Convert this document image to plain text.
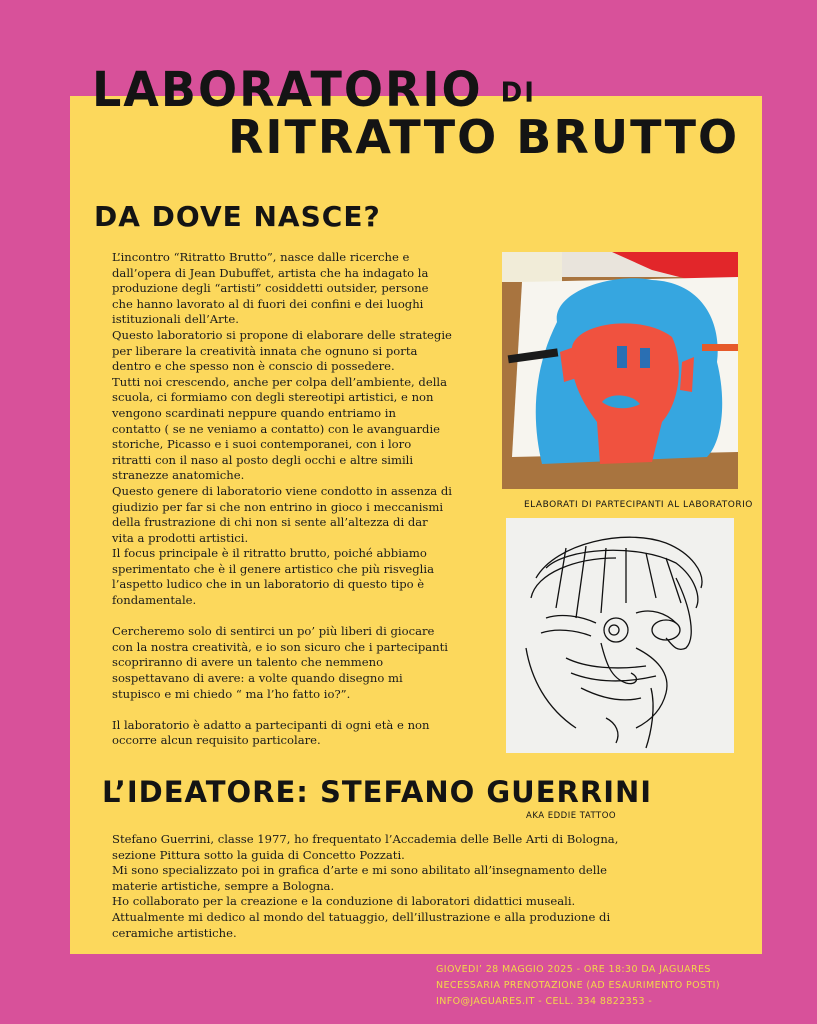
LABORATORIO DI
RITRATTO BRUTTO
DA DOVE NASCE?

L’incontro “Ritratto Brutto”, nasce dalle ricerche e
dall’opera di Jean Dubuffet, artista che ha indagato la
produzione degli “artisti” cosiddetti outsider, persone
che hanno lavorato al di fuori dei confini e dei luoghi
istituzionali dell’Arte.
Questo laboratorio si propone di elaborare delle strategie
per liberare la creatività innata che ognuno si porta
dentro e che spesso non è conscio di possedere.
Tutti noi crescendo, anche per colpa dell’ambiente, della
scuola, ci formiamo con degli stereotipi artistici, e non
vengono scardinati neppure quando entriamo in
contatto ( se ne veniamo a contatto) con le avanguardie
storiche, Picasso e i suoi contemporanei, con i loro
ritratti con il naso al posto degli occhi e altre simili
stranezze anatomiche.
Questo genere di laboratorio viene condotto in assenza di
giudizio per far si che non entrino in gioco i meccanismi
della frustrazione di chi non si sente all’altezza di dar
vita a prodotti artistici.
Il focus principale è il ritratto brutto, poiché abbiamo
sperimentato che è il genere artistico che più risveglia
l’aspetto ludico che in un laboratorio di questo tipo è
fondamentale.

Cercheremo solo di sentirci un po’ più liberi di giocare
con la nostra creatività, e io son sicuro che i partecipanti
scopriranno di avere un talento che nemmeno
sospettavano di avere: a volte quando disegno mi
stupisco e mi chiedo “ ma l’ho fatto io?”.

Il laboratorio è adatto a partecipanti di ogni età e non
occorre alcun requisito particolare.

ELABORATI DI PARTECIPANTI AL LABORATORIO
L’IDEATORE: STEFANO GUERRINI
AKA EDDIE TATTOO

Stefano Guerrini, classe 1977, ho frequentato l’Accademia delle Belle Arti di Bologna,
sezione Pittura sotto la guida di Concetto Pozzati.
Mi sono specializzato poi in grafica d’arte e mi sono abilitato all’insegnamento delle
materie artistiche, sempre a Bologna.
Ho collaborato per la creazione e la conduzione di laboratori didattici museali.
Attualmente mi dedico al mondo del tatuaggio, dell’illustrazione e alla produzione di
ceramiche artistiche.

GIOVEDI’ 28 MAGGIO 2025 - ORE 18:30 DA JAGUARES
NECESSARIA PRENOTAZIONE (AD ESAURIMENTO POSTI)
INFO@JAGUARES.IT - CELL. 334 8822353 -
